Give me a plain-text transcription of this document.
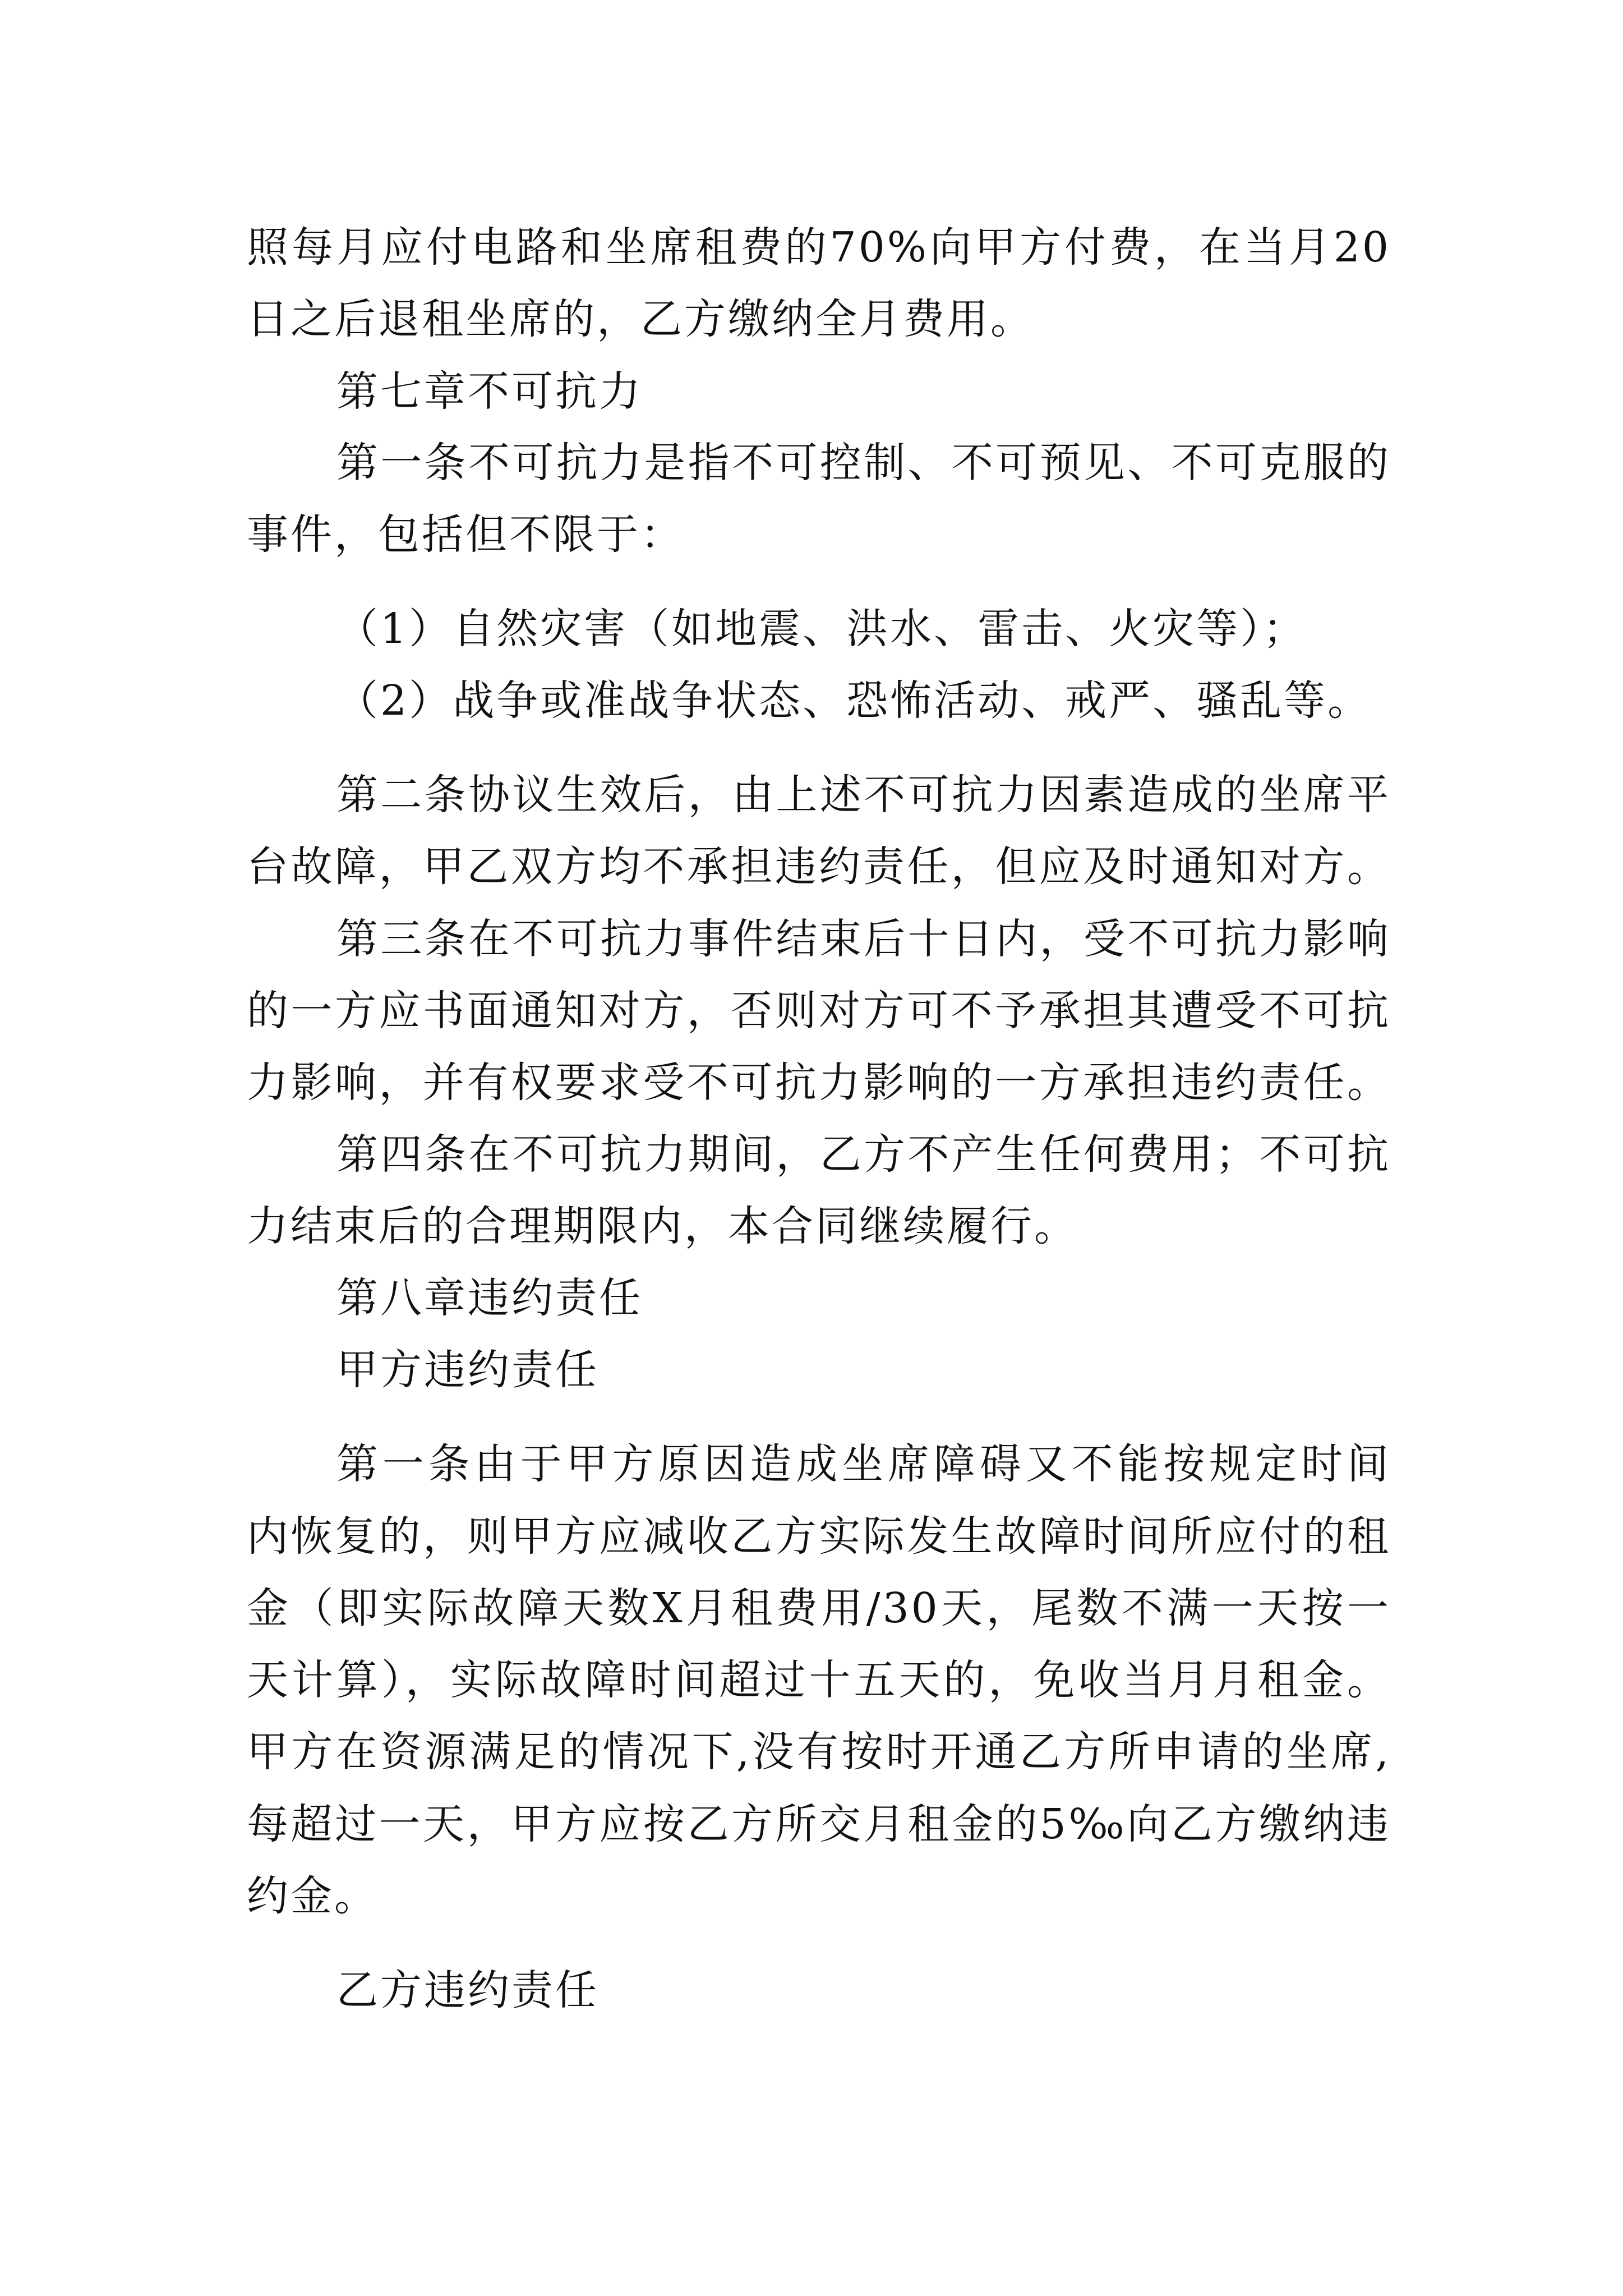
照每月应付电路和坐席租费的70%向甲方付费，在当月20
日之后退租坐席的，乙方缴纳全月费用。
第七章不可抗力
第一条不可抗力是指不可控制、不可预见、不可克服的
事件，包括但不限于：
（1）自然灾害（如地震、洪水、雷击、火灾等）；
（2）战争或准战争状态、恐怖活动、戒严、骚乱等。
第二条协议生效后，由上述不可抗力因素造成的坐席平
台故障，甲乙双方均不承担违约责任，但应及时通知对方。
第三条在不可抗力事件结束后十日内，受不可抗力影响
的一方应书面通知对方，否则对方可不予承担其遭受不可抗
力影响，并有权要求受不可抗力影响的一方承担违约责任。
第四条在不可抗力期间，乙方不产生任何费用；不可抗
力结束后的合理期限内，本合同继续履行。
第八章违约责任
甲方违约责任
第一条由于甲方原因造成坐席障碍又不能按规定时间
内恢复的，则甲方应减收乙方实际发生故障时间所应付的租
金（即实际故障天数X月租费用/30天，尾数不满一天按一
天计算），实际故障时间超过十五天的，免收当月月租金。
甲方在资源满足的情况下,没有按时开通乙方所申请的坐席,
每超过一天，甲方应按乙方所交月租金的5‰向乙方缴纳违
约金。
乙方违约责任
